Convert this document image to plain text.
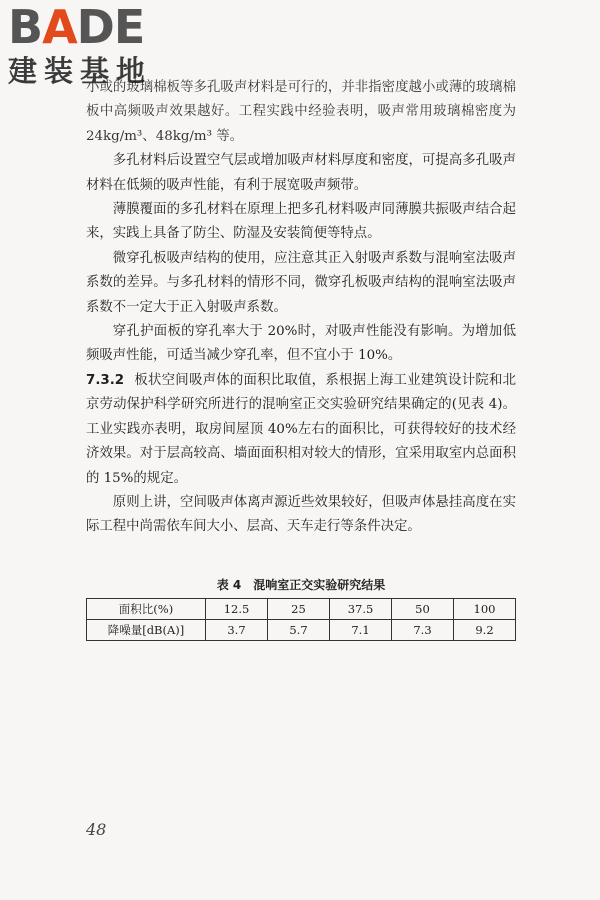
BADE
建装基地

小或的玻璃棉板等多孔吸声材料是可行的，并非指密度越小或薄的玻璃棉板中高频吸声效果越好。工程实践中经验表明，吸声常用玻璃棉密度为 24kg/m³、48kg/m³ 等。

多孔材料后设置空气层或增加吸声材料厚度和密度，可提高多孔吸声材料在低频的吸声性能，有利于展宽吸声频带。

薄膜覆面的多孔材料在原理上把多孔材料吸声同薄膜共振吸声结合起来，实践上具备了防尘、防湿及安装简便等特点。

微穿孔板吸声结构的使用，应注意其正入射吸声系数与混响室法吸声系数的差异。与多孔材料的情形不同，微穿孔板吸声结构的混响室法吸声系数不一定大于正入射吸声系数。

穿孔护面板的穿孔率大于 20%时，对吸声性能没有影响。为增加低频吸声性能，可适当减少穿孔率，但不宜小于 10%。

7.3.2 板状空间吸声体的面积比取值，系根据上海工业建筑设计院和北京劳动保护科学研究所进行的混响室正交实验研究结果确定的(见表 4)。工业实践亦表明，取房间屋顶 40%左右的面积比，可获得较好的技术经济效果。对于层高较高、墙面面积相对较大的情形，宜采用取室内总面积的 15%的规定。

原则上讲，空间吸声体离声源近些效果较好，但吸声体悬挂高度在实际工程中尚需依车间大小、层高、天车走行等条件决定。

表 4　混响室正交实验研究结果
面积比(%)	12.5	25	37.5	50	100
降噪量[dB(A)]	3.7	5.7	7.1	7.3	9.2
48
